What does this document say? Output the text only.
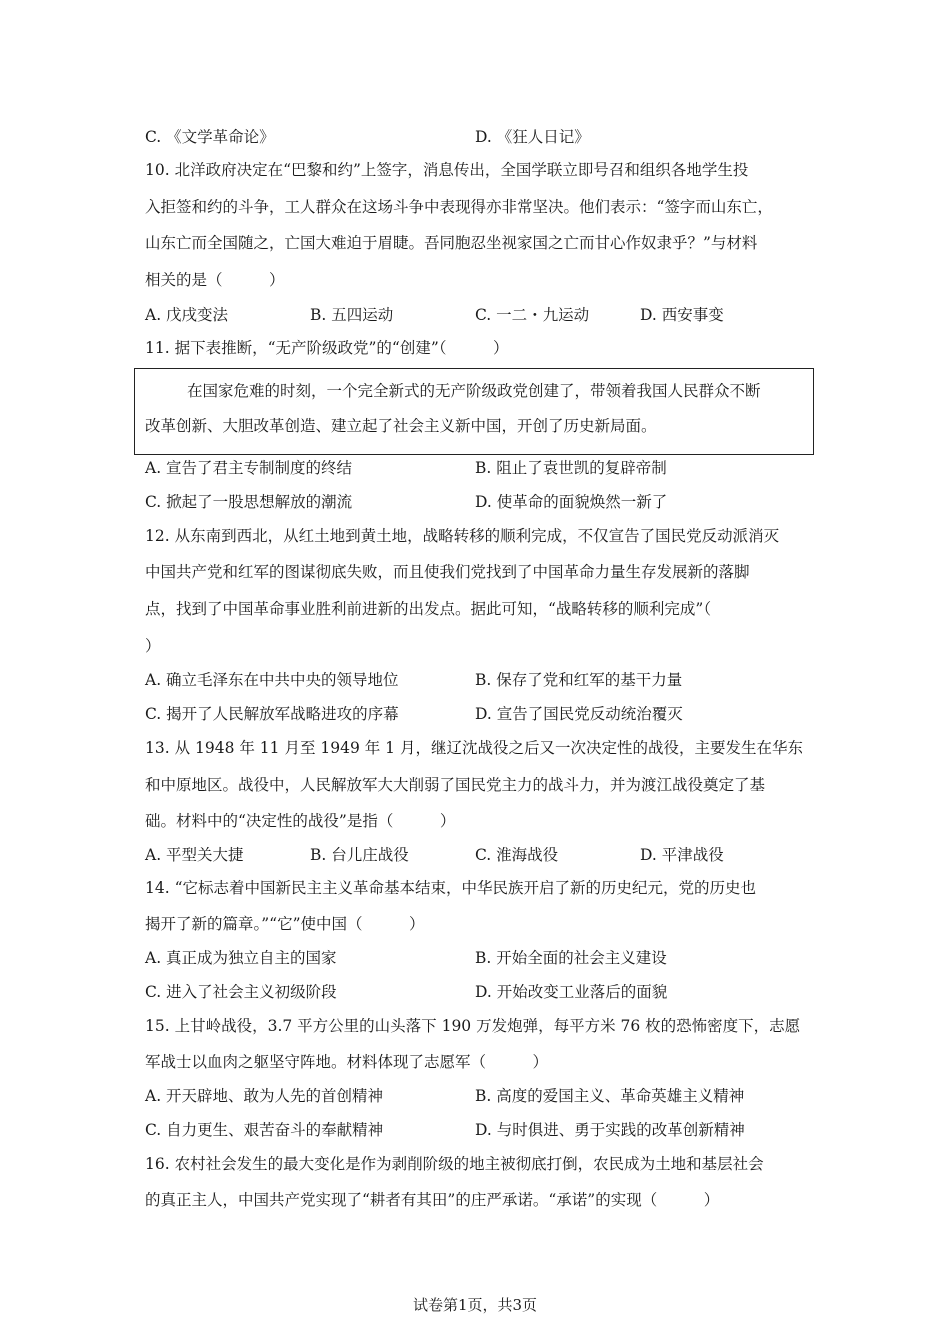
C. 《文学革命论》	D. 《狂人日记》
10. 北洋政府决定在“巴黎和约”上签字，消息传出，全国学联立即号召和组织各地学生投
入拒签和约的斗争，工人群众在这场斗争中表现得亦非常坚决。他们表示：“签字而山东亡，
山东亡而全国随之，亡国大难迫于眉睫。吾同胞忍坐视家国之亡而甘心作奴隶乎？”与材料
相关的是（　　　）
A. 戊戌变法	B. 五四运动	C. 一二・九运动	D. 西安事变
11. 据下表推断，“无产阶级政党”的“创建”（　　　）
在国家危难的时刻，一个完全新式的无产阶级政党创建了，带领着我国人民群众不断
改革创新、大胆改革创造、建立起了社会主义新中国，开创了历史新局面。
A. 宣告了君主专制制度的终结	B. 阻止了袁世凯的复辟帝制
C. 掀起了一股思想解放的潮流	D. 使革命的面貌焕然一新了
12. 从东南到西北，从红土地到黄土地，战略转移的顺利完成，不仅宣告了国民党反动派消灭
中国共产党和红军的图谋彻底失败，而且使我们党找到了中国革命力量生存发展新的落脚
点，找到了中国革命事业胜利前进新的出发点。据此可知，“战略转移的顺利完成”（
）
A. 确立毛泽东在中共中央的领导地位	B. 保存了党和红军的基干力量
C. 揭开了人民解放军战略进攻的序幕	D. 宣告了国民党反动统治覆灭
13. 从 1948 年 11 月至 1949 年 1 月，继辽沈战役之后又一次决定性的战役，主要发生在华东
和中原地区。战役中，人民解放军大大削弱了国民党主力的战斗力，并为渡江战役奠定了基
础。材料中的“决定性的战役”是指（　　　）
A. 平型关大捷	B. 台儿庄战役	C. 淮海战役	D. 平津战役
14. “它标志着中国新民主主义革命基本结束，中华民族开启了新的历史纪元，党的历史也
揭开了新的篇章。”“它”使中国（　　　）
A. 真正成为独立自主的国家	B. 开始全面的社会主义建设
C. 进入了社会主义初级阶段	D. 开始改变工业落后的面貌
15. 上甘岭战役，3.7 平方公里的山头落下 190 万发炮弹，每平方米 76 枚的恐怖密度下，志愿
军战士以血肉之躯坚守阵地。材料体现了志愿军（　　　）
A. 开天辟地、敢为人先的首创精神	B. 高度的爱国主义、革命英雄主义精神
C. 自力更生、艰苦奋斗的奉献精神	D. 与时俱进、勇于实践的改革创新精神
16. 农村社会发生的最大变化是作为剥削阶级的地主被彻底打倒，农民成为土地和基层社会
的真正主人，中国共产党实现了“耕者有其田”的庄严承诺。“承诺”的实现（　　　）
试卷第1页，共3页
